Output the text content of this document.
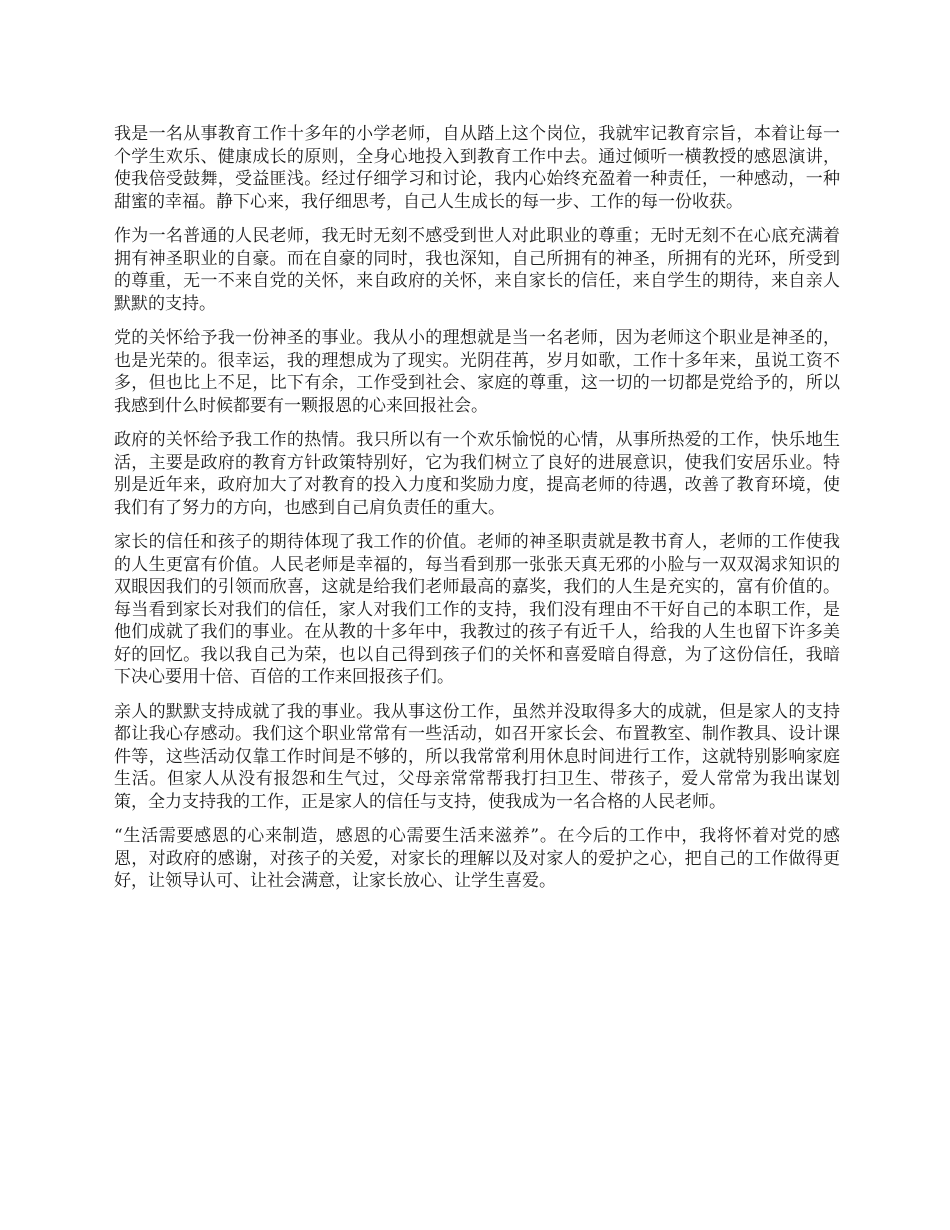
我是一名从事教育工作十多年的小学老师，自从踏上这个岗位，我就牢记教育宗旨，本着让每一个学生欢乐、健康成长的原则，全身心地投入到教育工作中去。通过倾听一横教授的感恩演讲，使我倍受鼓舞，受益匪浅。经过仔细学习和讨论，我内心始终充盈着一种责任，一种感动，一种甜蜜的幸福。静下心来，我仔细思考，自己人生成长的每一步、工作的每一份收获。

作为一名普通的人民老师，我无时无刻不感受到世人对此职业的尊重；无时无刻不在心底充满着拥有神圣职业的自豪。而在自豪的同时，我也深知，自己所拥有的神圣，所拥有的光环，所受到的尊重，无一不来自党的关怀，来自政府的关怀，来自家长的信任，来自学生的期待，来自亲人默默的支持。

党的关怀给予我一份神圣的事业。我从小的理想就是当一名老师，因为老师这个职业是神圣的，也是光荣的。很幸运，我的理想成为了现实。光阴荏苒，岁月如歌，工作十多年来，虽说工资不多，但也比上不足，比下有余，工作受到社会、家庭的尊重，这一切的一切都是党给予的，所以我感到什么时候都要有一颗报恩的心来回报社会。

政府的关怀给予我工作的热情。我只所以有一个欢乐愉悦的心情，从事所热爱的工作，快乐地生活，主要是政府的教育方针政策特别好，它为我们树立了良好的进展意识，使我们安居乐业。特别是近年来，政府加大了对教育的投入力度和奖励力度，提高老师的待遇，改善了教育环境，使我们有了努力的方向，也感到自己肩负责任的重大。

家长的信任和孩子的期待体现了我工作的价值。老师的神圣职责就是教书育人，老师的工作使我的人生更富有价值。人民老师是幸福的，每当看到那一张张天真无邪的小脸与一双双渴求知识的双眼因我们的引领而欣喜，这就是给我们老师最高的嘉奖，我们的人生是充实的，富有价值的。每当看到家长对我们的信任，家人对我们工作的支持，我们没有理由不干好自己的本职工作，是他们成就了我们的事业。在从教的十多年中，我教过的孩子有近千人，给我的人生也留下许多美好的回忆。我以我自己为荣，也以自己得到孩子们的关怀和喜爱暗自得意，为了这份信任，我暗下决心要用十倍、百倍的工作来回报孩子们。

亲人的默默支持成就了我的事业。我从事这份工作，虽然并没取得多大的成就，但是家人的支持都让我心存感动。我们这个职业常常有一些活动，如召开家长会、布置教室、制作教具、设计课件等，这些活动仅靠工作时间是不够的，所以我常常利用休息时间进行工作，这就特别影响家庭生活。但家人从没有报怨和生气过，父母亲常常帮我打扫卫生、带孩子，爱人常常为我出谋划策，全力支持我的工作，正是家人的信任与支持，使我成为一名合格的人民老师。

“生活需要感恩的心来制造，感恩的心需要生活来滋养”。在今后的工作中，我将怀着对党的感恩，对政府的感谢，对孩子的关爱，对家长的理解以及对家人的爱护之心，把自己的工作做得更好，让领导认可、让社会满意，让家长放心、让学生喜爱。
